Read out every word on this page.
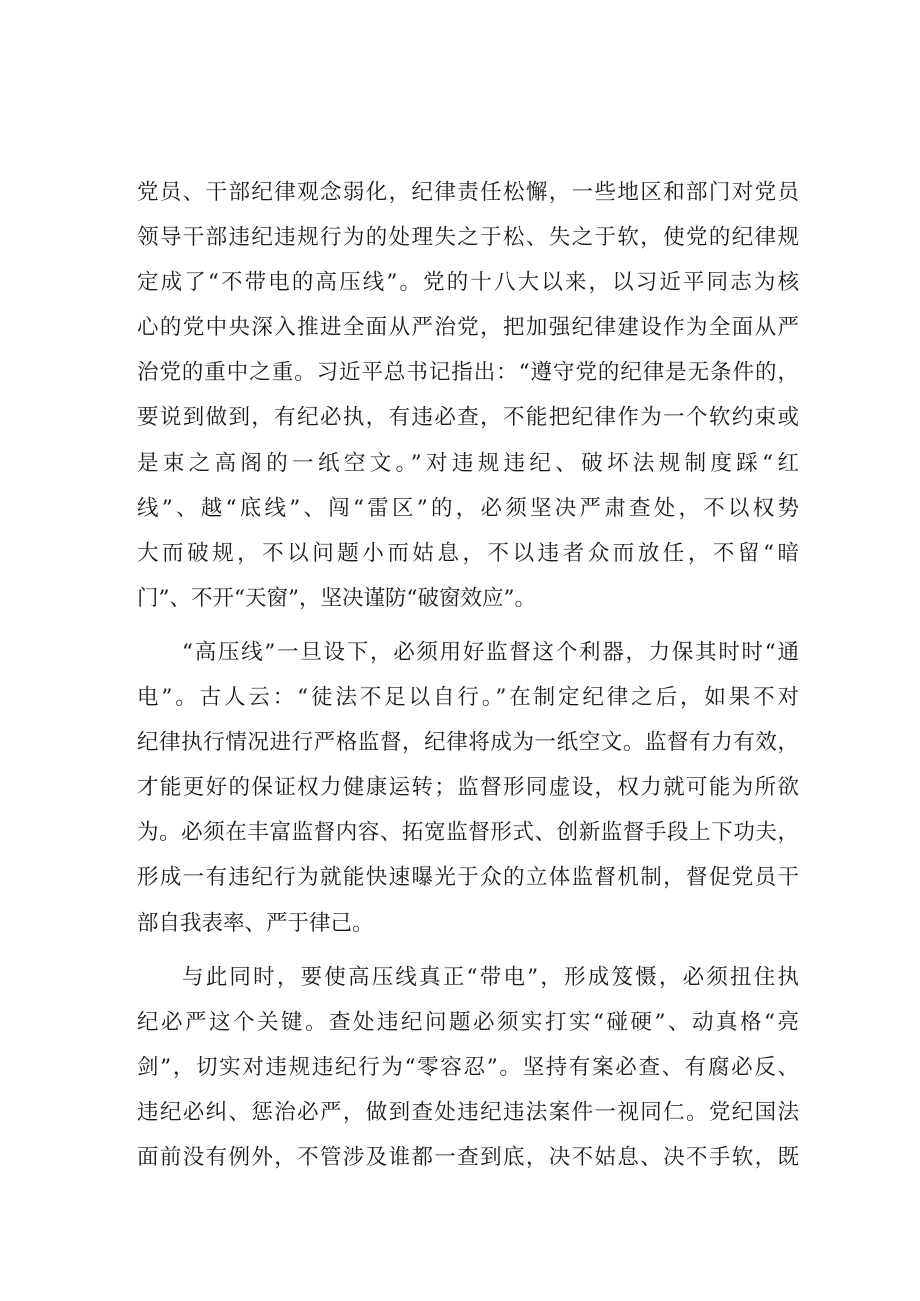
党员、干部纪律观念弱化，纪律责任松懈，一些地区和部门对党员
领导干部违纪违规行为的处理失之于松、失之于软，使党的纪律规
定成了“不带电的高压线”。党的十八大以来，以习近平同志为核
心的党中央深入推进全面从严治党，把加强纪律建设作为全面从严
治党的重中之重。习近平总书记指出：“遵守党的纪律是无条件的，
要说到做到，有纪必执，有违必查，不能把纪律作为一个软约束或
是束之高阁的一纸空文。”对违规违纪、破坏法规制度踩“红
线”、越“底线”、闯“雷区”的，必须坚决严肃查处，不以权势
大而破规，不以问题小而姑息，不以违者众而放任，不留“暗
门”、不开“天窗”，坚决谨防“破窗效应”。
“高压线”一旦设下，必须用好监督这个利器，力保其时时“通
电”。古人云：“徒法不足以自行。”在制定纪律之后，如果不对
纪律执行情况进行严格监督，纪律将成为一纸空文。监督有力有效，
才能更好的保证权力健康运转；监督形同虚设，权力就可能为所欲
为。必须在丰富监督内容、拓宽监督形式、创新监督手段上下功夫，
形成一有违纪行为就能快速曝光于众的立体监督机制，督促党员干
部自我表率、严于律己。
与此同时，要使高压线真正“带电”，形成笈慑，必须扭住执
纪必严这个关键。查处违纪问题必须实打实“碰硬”、动真格“亮
剑”，切实对违规违纪行为“零容忍”。坚持有案必查、有腐必反、
违纪必纠、惩治必严，做到查处违纪违法案件一视同仁。党纪国法
面前没有例外，不管涉及谁都一查到底，决不姑息、决不手软，既
